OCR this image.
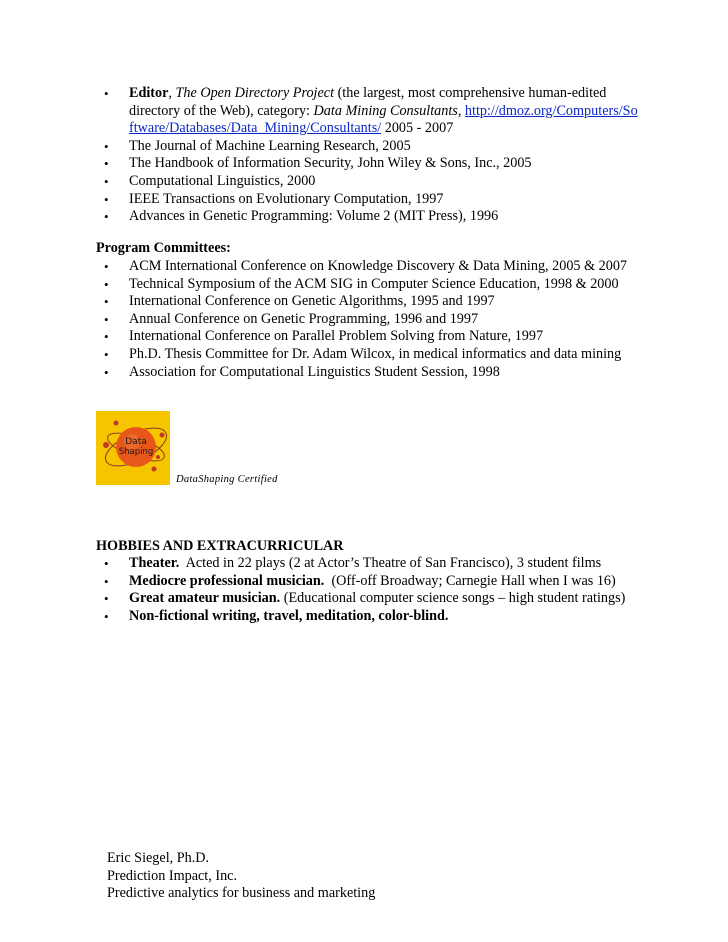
• Editor, The Open Directory Project (the largest, most comprehensive human-edited directory of the Web), category: Data Mining Consultants, http://dmoz.org/Computers/Software/Databases/Data_Mining/Consultants/ 2005 - 2007
• The Journal of Machine Learning Research, 2005
• The Handbook of Information Security, John Wiley & Sons, Inc., 2005
• Computational Linguistics, 2000
• IEEE Transactions on Evolutionary Computation, 1997
• Advances in Genetic Programming: Volume 2 (MIT Press), 1996
Program Committees:
• ACM International Conference on Knowledge Discovery & Data Mining, 2005 & 2007
• Technical Symposium of the ACM SIG in Computer Science Education, 1998 & 2000
• International Conference on Genetic Algorithms, 1995 and 1997
• Annual Conference on Genetic Programming, 1996 and 1997
• International Conference on Parallel Problem Solving from Nature, 1997
• Ph.D. Thesis Committee for Dr. Adam Wilcox, in medical informatics and data mining
• Association for Computational Linguistics Student Session, 1998
Data
Shaping
DataShaping Certified
HOBBIES AND EXTRACURRICULAR
• Theater.  Acted in 22 plays (2 at Actor’s Theatre of San Francisco), 3 student films
• Mediocre professional musician.  (Off-off Broadway; Carnegie Hall when I was 16)
• Great amateur musician. (Educational computer science songs – high student ratings)
• Non-fictional writing, travel, meditation, color-blind.
Eric Siegel, Ph.D.
Prediction Impact, Inc.
Predictive analytics for business and marketing
